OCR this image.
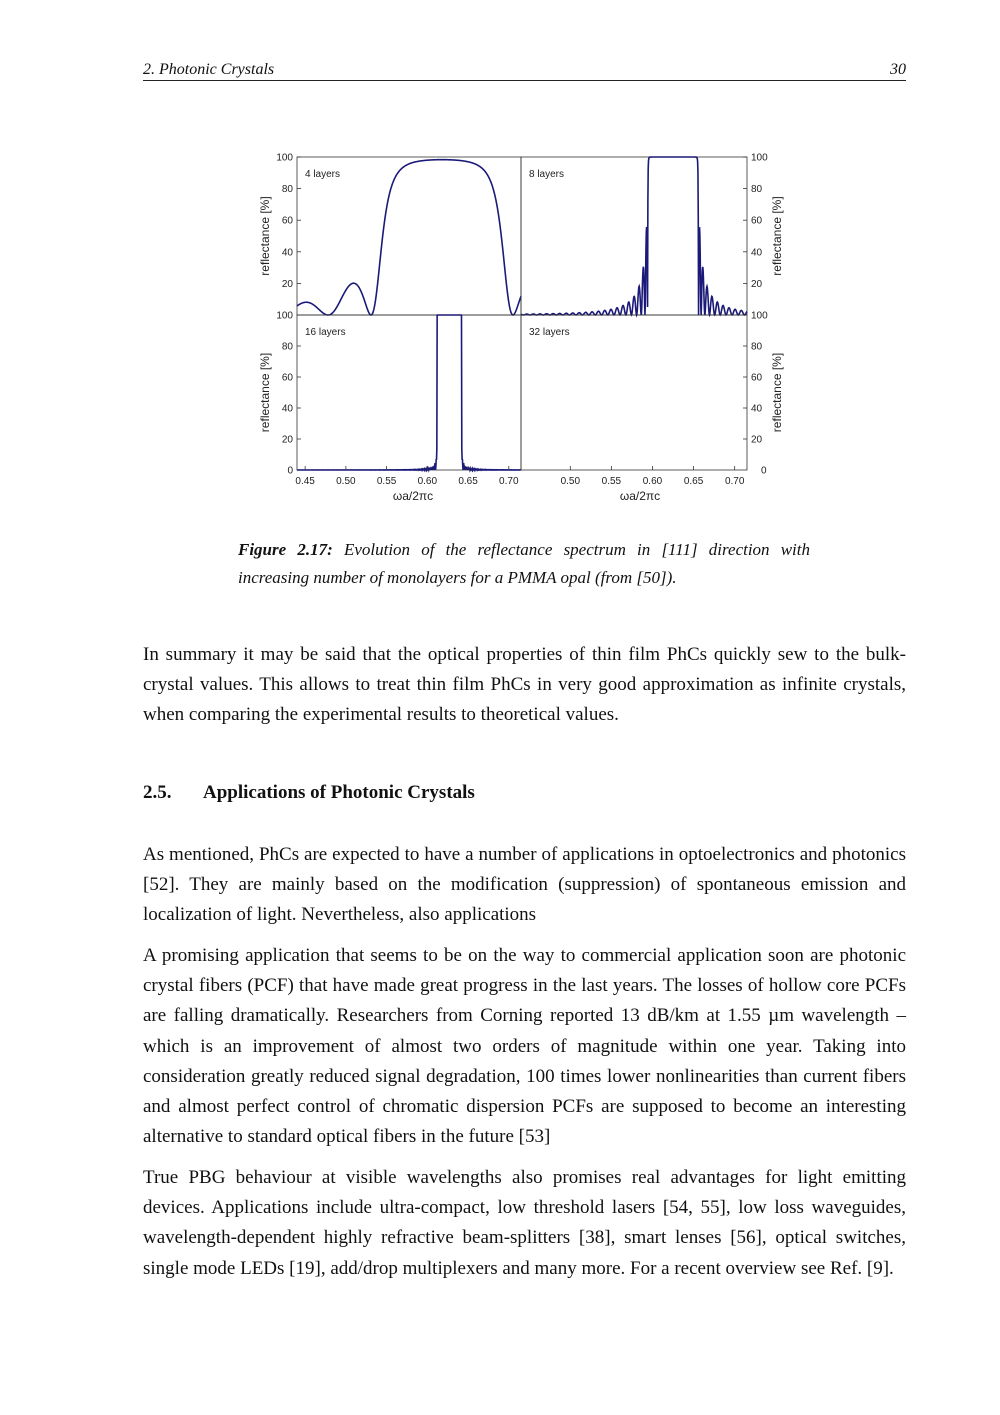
2. Photonic Crystals	30
4 layers	8 layers
16 layers	32 layers
20	20
40	40
60	60
80	80
100	100
reflectance [%]	reflectance [%]
20	20
40	40
60	60
80	80
100	100
reflectance [%]	reflectance [%]
0	0
0.45 0.50 0.55 0.60 0.65 0.70	0.50 0.55 0.60 0.65 0.70
ωa/2πc	ωa/2πc
Figure 2.17: Evolution of the reflectance spectrum in [111] direction with increasing number of monolayers for a PMMA opal (from [50]).

In summary it may be said that the optical properties of thin film PhCs quickly sew to the bulk-crystal values. This allows to treat thin film PhCs in very good approximation as infinite crystals, when comparing the experimental results to theoretical values.

2.5. Applications of Photonic Crystals

As mentioned, PhCs are expected to have a number of applications in optoelectronics and photonics [52]. They are mainly based on the modification (suppression) of spontaneous emission and localization of light. Nevertheless, also applications

A promising application that seems to be on the way to commercial application soon are photonic crystal fibers (PCF) that have made great progress in the last years. The losses of hollow core PCFs are falling dramatically. Researchers from Corning reported 13 dB/km at 1.55 µm wavelength – which is an improvement of almost two orders of magnitude within one year. Taking into consideration greatly reduced signal degradation, 100 times lower nonlinearities than current fibers and almost perfect control of chromatic dispersion PCFs are supposed to become an interesting alternative to standard optical fibers in the future [53]

True PBG behaviour at visible wavelengths also promises real advantages for light emitting devices. Applications include ultra-compact, low threshold lasers [54, 55], low loss waveguides, wavelength-dependent highly refractive beam-splitters [38], smart lenses [56], optical switches, single mode LEDs [19], add/drop multiplexers and many more. For a recent overview see Ref. [9].
